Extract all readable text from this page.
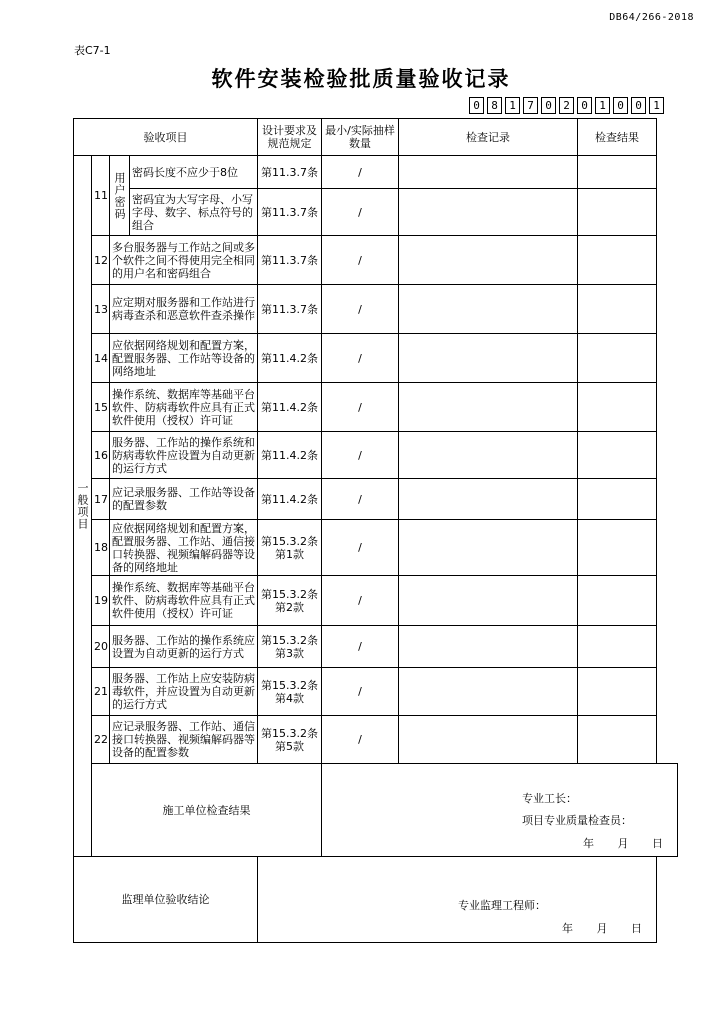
DB64/266-2018
表C7-1
软件安装检验批质量验收记录
0	8	1	7	0	2	0	1	0	0	1
验收项目				设计要求及规范规定	最小/实际抽样数量	检查记录	检查结果
一般项目	11	用户密码	密码长度不应少于8位	第11.3.7条	/		
			密码宜为大写字母、小写字母、数字、标点符号的组合	第11.3.7条	/		
	12	多台服务器与工作站之间或多个软件之间不得使用完全相同的用户名和密码组合		第11.3.7条	/		
	13	应定期对服务器和工作站进行病毒查杀和恶意软件查杀操作		第11.3.7条	/		
	14	应依据网络规划和配置方案，配置服务器、工作站等设备的网络地址		第11.4.2条	/		
	15	操作系统、数据库等基础平台软件、防病毒软件应具有正式软件使用（授权）许可证		第11.4.2条	/		
	16	服务器、工作站的操作系统和防病毒软件应设置为自动更新的运行方式		第11.4.2条	/		
	17	应记录服务器、工作站等设备的配置参数		第11.4.2条	/		
	18	应依据网络规划和配置方案，配置服务器、工作站、通信接口转换器、视频编解码器等设备的网络地址		第15.3.2条第1款	/		
	19	操作系统、数据库等基础平台软件、防病毒软件应具有正式软件使用（授权）许可证		第15.3.2条第2款	/		
	20	服务器、工作站的操作系统应设置为自动更新的运行方式		第15.3.2条第3款	/		
	21	服务器、工作站上应安装防病毒软件，并应设置为自动更新的运行方式		第15.3.2条第4款	/		
	22	应记录服务器、工作站、通信接口转换器、视频编解码器等设备的配置参数		第15.3.2条第5款	/		
	施工单位检查结果				专业工长：
项目专业质量检查员：
年 月 日		

监理单位验收结论				专业监理工程师：
年 月 日			
